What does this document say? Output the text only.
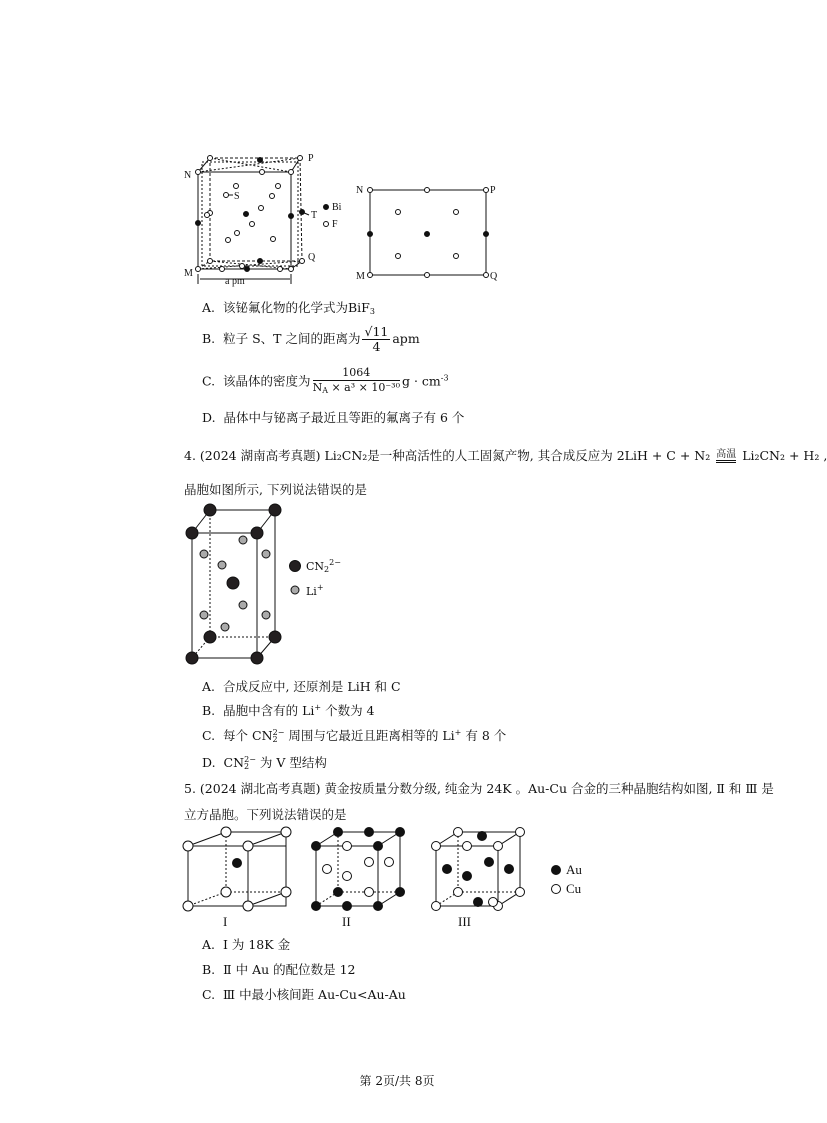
N
P
M
Q
S
T
a pm
Bi
F
N	P
M	Q
A. 该铋氟化物的化学式为BiF$_3$
B. 粒子 S、T 之间的距离为 $\frac{√11}{4}$ apm
C. 该晶体的密度为 $\frac{1064}{N_A \times a^3 \times 10^{-30}}$ $g \cdot cm^{-3}$
D. 晶体中与铋离子最近且等距的氟离子有 6 个
4. (2024 湖南高考真题) Li₂CN₂是一种高活性的人工固氮产物, 其合成反应为 2LiH + C + N₂ 高温 Li₂CN₂ + H₂ ,
晶胞如图所示, 下列说法错误的是
$CN_2^{2-}$
Li+
A. 合成反应中, 还原剂是 LiH 和 C
B. 晶胞中含有的 Li+ 个数为 4
C. 每个 $CN_2^{2-}$ 周围与它最近且距离相等的 Li+ 有 8 个
D. $CN_2^{2-}$ 为 V 型结构
5. (2024 湖北高考真题) 黄金按质量分数分级, 纯金为 24K 。Au-Cu 合金的三种晶胞结构如图, Ⅱ 和 Ⅲ 是
立方晶胞。下列说法错误的是
I	II	III
Au
Cu
A. I 为 18K 金
B. Ⅱ 中 Au 的配位数是 12
C. Ⅲ 中最小核间距 Au-Cu<Au-Au
第 2页/共 8页
